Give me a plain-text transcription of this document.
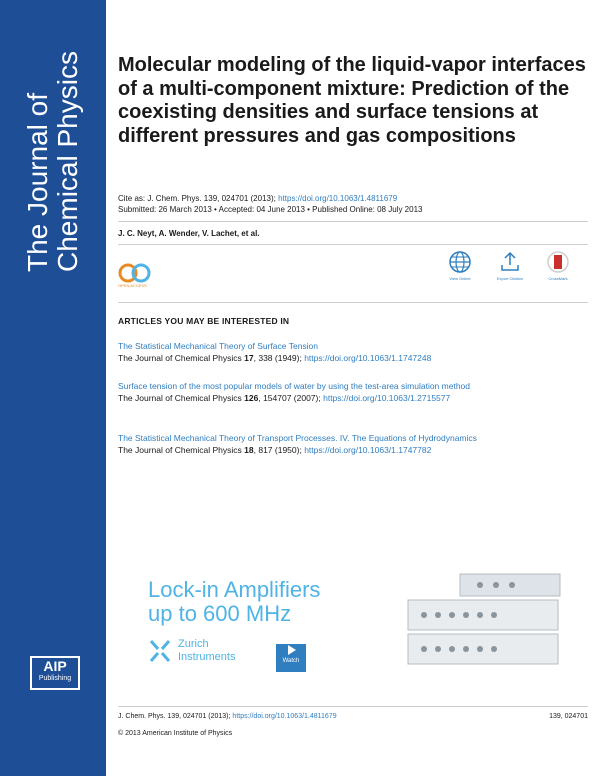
The Journal of Chemical Physics
AIP
Publishing
Molecular modeling of the liquid-vapor interfaces of a multi-component mixture: Prediction of the coexisting densities and surface tensions at different pressures and gas compositions
Cite as: J. Chem. Phys. 139, 024701 (2013); https://doi.org/10.1063/1.4811679
Submitted: 26 March 2013 • Accepted: 04 June 2013 • Published Online: 08 July 2013
J. C. Neyt, A. Wender, V. Lachet, et al.
OPEN ACCESS
View Online	Export Citation	CrossMark
ARTICLES YOU MAY BE INTERESTED IN
The Statistical Mechanical Theory of Surface Tension
The Journal of Chemical Physics 17, 338 (1949); https://doi.org/10.1063/1.1747248
Surface tension of the most popular models of water by using the test-area simulation method
The Journal of Chemical Physics 126, 154707 (2007); https://doi.org/10.1063/1.2715577
The Statistical Mechanical Theory of Transport Processes. IV. The Equations of Hydrodynamics
The Journal of Chemical Physics 18, 817 (1950); https://doi.org/10.1063/1.1747782
Lock-in Amplifiers
up to 600 MHz
Zurich
Instruments	Watch
J. Chem. Phys. 139, 024701 (2013); https://doi.org/10.1063/1.4811679	139, 024701
© 2013 American Institute of Physics
